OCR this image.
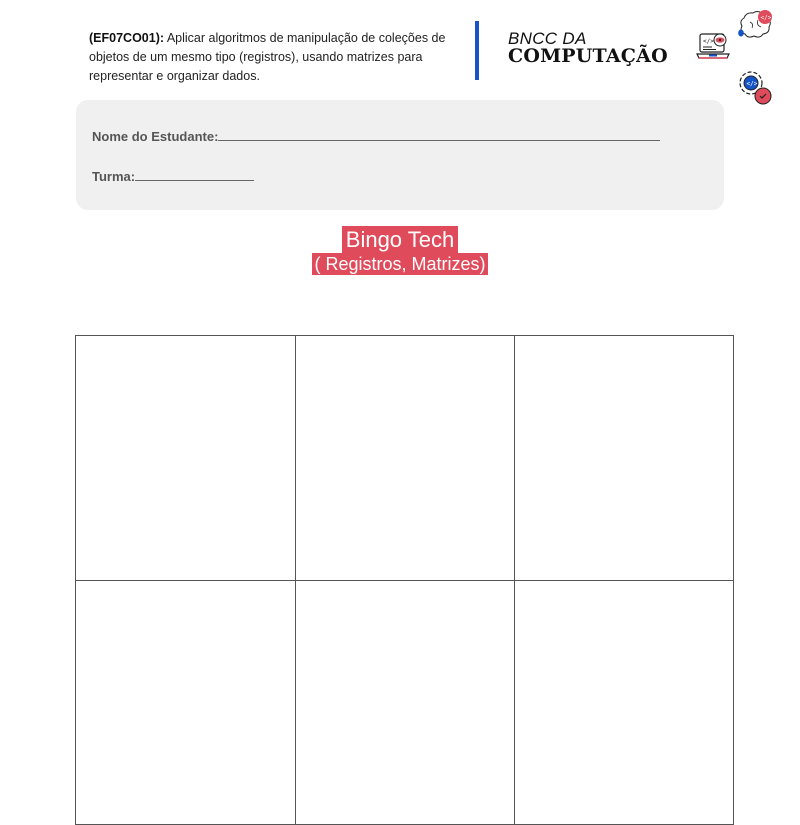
(EF07CO01): Aplicar algoritmos de manipulação de coleções de objetos de um mesmo tipo (registros), usando matrizes para representar e organizar dados.
BNCC DA
COMPUTAÇÃO
</>
</>
</>
Nome do Estudante:
Turma:
Bingo Tech
( Registros, Matrizes)
